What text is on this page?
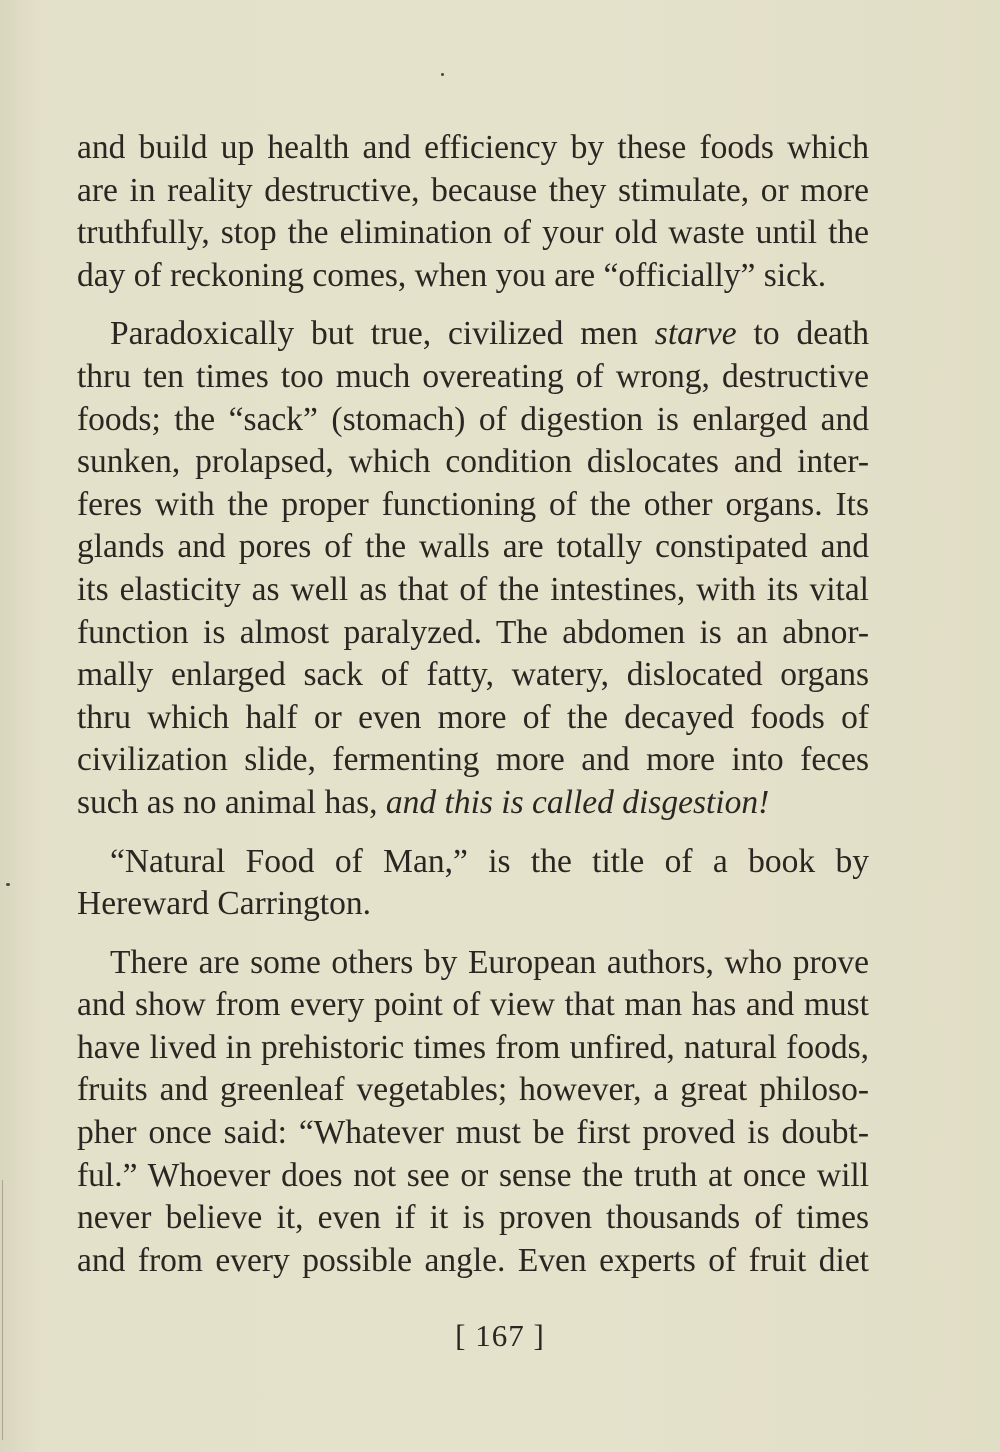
and build up health and efficiency by these foods which
are in reality destructive, because they stimulate, or more
truthfully, stop the elimination of your old waste until the
day of reckoning comes, when you are “officially” sick.

Paradoxically but true, civilized men starve to death
thru ten times too much overeating of wrong, destructive
foods; the “sack” (stomach) of digestion is enlarged and
sunken, prolapsed, which condition dislocates and inter-
feres with the proper functioning of the other organs. Its
glands and pores of the walls are totally constipated and
its elasticity as well as that of the intestines, with its vital
function is almost paralyzed. The abdomen is an abnor-
mally enlarged sack of fatty, watery, dislocated organs
thru which half or even more of the decayed foods of
civilization slide, fermenting more and more into feces
such as no animal has, and this is called disgestion!

“Natural Food of Man,” is the title of a book by
Hereward Carrington.

There are some others by European authors, who prove
and show from every point of view that man has and must
have lived in prehistoric times from unfired, natural foods,
fruits and greenleaf vegetables; however, a great philoso-
pher once said: “Whatever must be first proved is doubt-
ful.” Whoever does not see or sense the truth at once will
never believe it, even if it is proven thousands of times
and from every possible angle. Even experts of fruit diet

[ 167 ]
